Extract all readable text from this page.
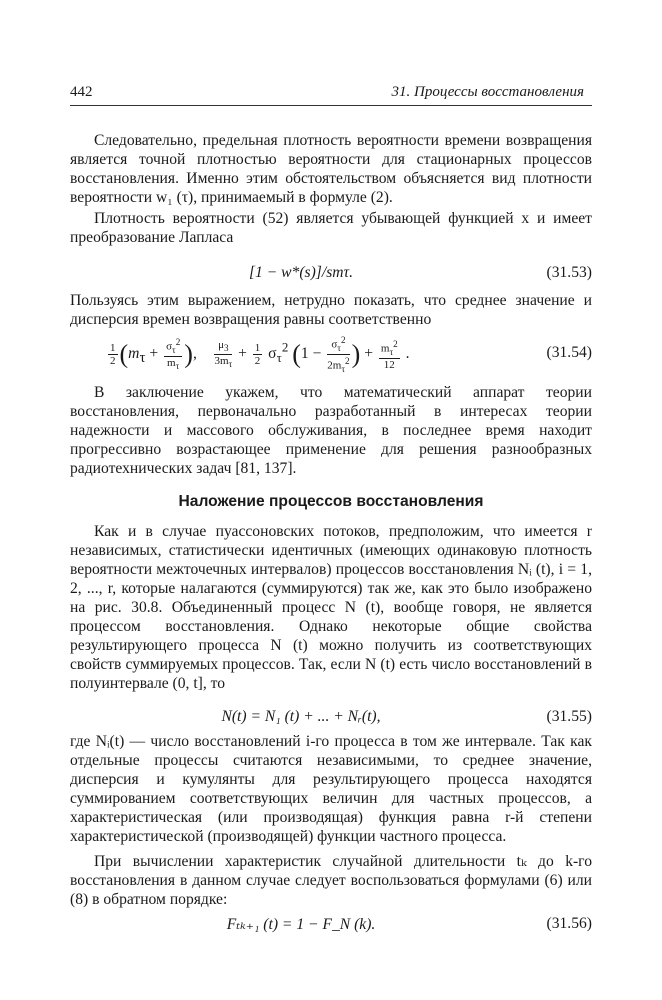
442	31. Процессы восстановления

Следовательно, предельная плотность вероятности времени возвращения является точной плотностью вероятности для стационарных процессов восстановления. Именно этим обстоятельством объясняется вид плотности вероятности w₁ (τ), принимаемый в формуле (2).

Плотность вероятности (52) является убывающей функцией x и имеет преобразование Лапласа

[1 − w*(s)]/smτ.	(31.53)

Пользуясь этим выражением, нетрудно показать, что среднее значение и дисперсия времен возвращения равны соответственно

$\frac{1}{2} (m_\tau + \frac{\sigma_\tau^2}{m_\tau}$ ), $\frac{\mu_3}{3m_\tau} + \frac{1}{2} \sigma_\tau^2$ ($1 - \frac{\sigma_\tau^2}{2m_\tau^2}$ ) + $\frac{m_\tau^2}{12}$ .	(31.54)

В заключение укажем, что математический аппарат теории восстановления, первоначально разработанный в интересах теории надежности и массового обслуживания, в последнее время находит прогрессивно возрастающее применение для решения разнообразных радиотехнических задач [81, 137].

Наложение процессов восстановления

Как и в случае пуассоновских потоков, предположим, что имеется r независимых, статистически идентичных (имеющих одинаковую плотность вероятности межточечных интервалов) процессов восстановления Nᵢ (t), i = 1, 2, ..., r, которые налагаются (суммируются) так же, как это было изображено на рис. 30.8. Объединенный процесс N (t), вообще говоря, не является процессом восстановления. Однако некоторые общие свойства результирующего процесса N (t) можно получить из соответствующих свойств суммируемых процессов. Так, если N (t) есть число восстановлений в полуинтервале (0, t], то

N(t) = N₁ (t) + ... + Nᵣ(t),	(31.55)

где Nᵢ(t) — число восстановлений i-го процесса в том же интервале. Так как отдельные процессы считаются независимыми, то среднее значение, дисперсия и кумулянты для результирующего процесса находятся суммированием соответствующих величин для частных процессов, а характеристическая (или производящая) функция равна r-й степени характеристической (производящей) функции частного процесса.

При вычислении характеристик случайной длительности tₖ до k-го восстановления в данном случае следует воспользоваться формулами (6) или (8) в обратном порядке:

Fₜₖ₊₁ (t) = 1 − F_N (k).	(31.56)
